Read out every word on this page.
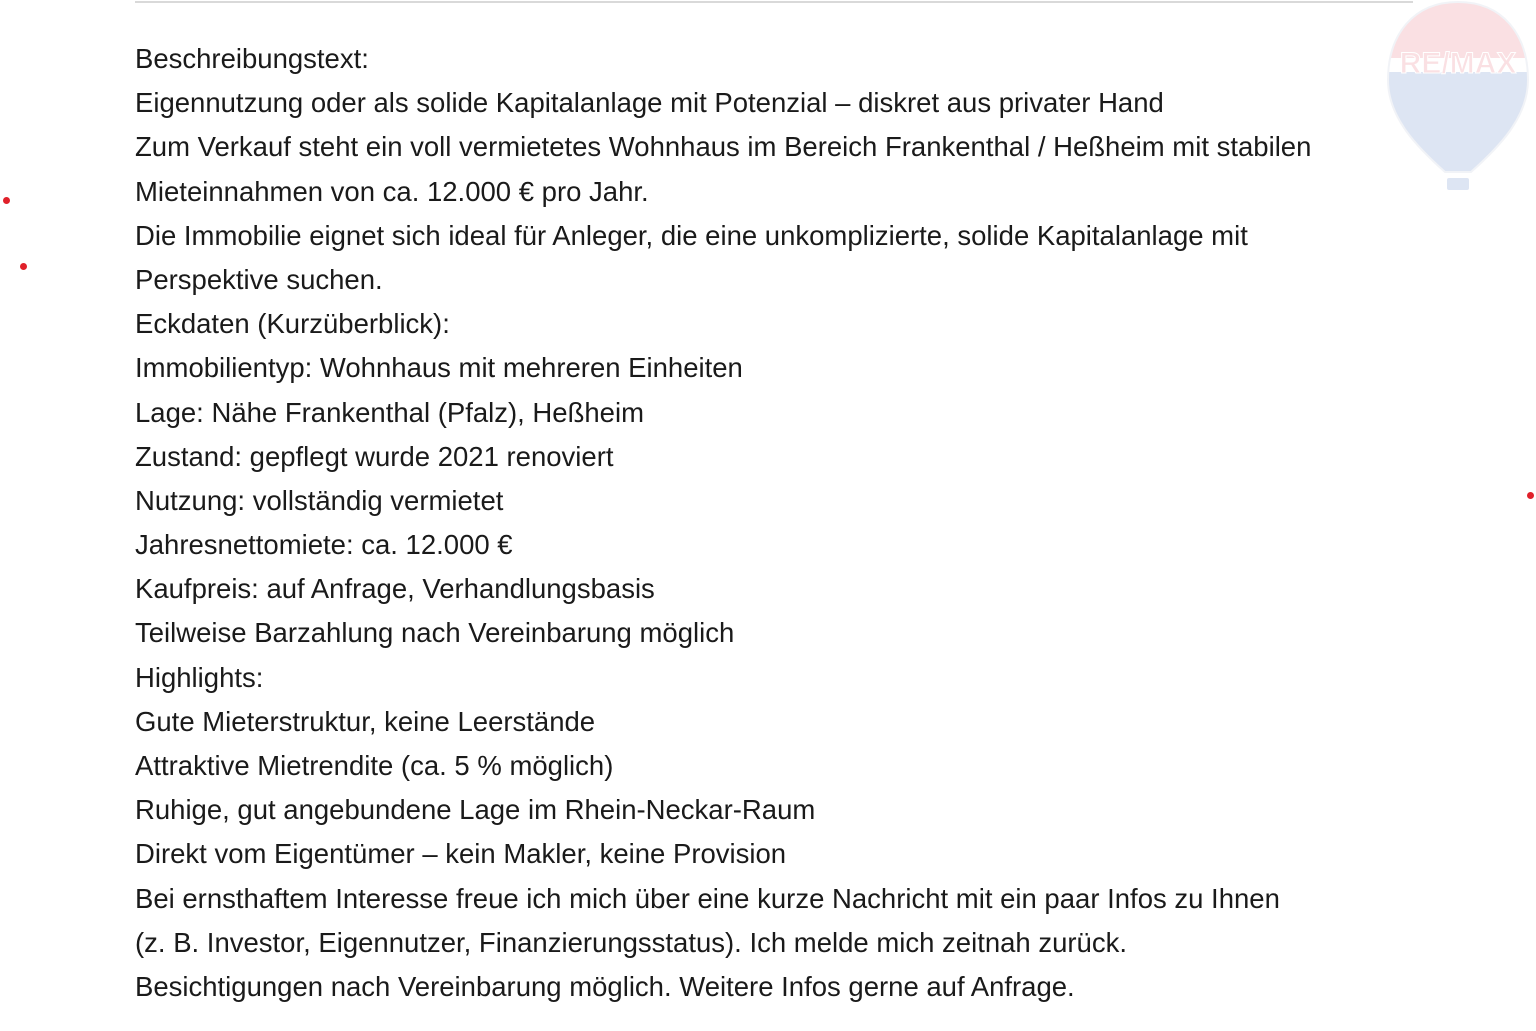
RE/MAX
Beschreibungstext:
Eigennutzung oder als solide Kapitalanlage mit Potenzial – diskret aus privater Hand
Zum Verkauf steht ein voll vermietetes Wohnhaus im Bereich Frankenthal / Heßheim mit stabilen
Mieteinnahmen von ca. 12.000 € pro Jahr.
Die Immobilie eignet sich ideal für Anleger, die eine unkomplizierte, solide Kapitalanlage mit
Perspektive suchen.
Eckdaten (Kurzüberblick):
Immobilientyp: Wohnhaus mit mehreren Einheiten
Lage: Nähe Frankenthal (Pfalz), Heßheim
Zustand: gepflegt wurde 2021 renoviert
Nutzung: vollständig vermietet
Jahresnettomiete: ca. 12.000 €
Kaufpreis: auf Anfrage, Verhandlungsbasis
Teilweise Barzahlung nach Vereinbarung möglich
Highlights:
Gute Mieterstruktur, keine Leerstände
Attraktive Mietrendite (ca. 5 % möglich)
Ruhige, gut angebundene Lage im Rhein-Neckar-Raum
Direkt vom Eigentümer – kein Makler, keine Provision
Bei ernsthaftem Interesse freue ich mich über eine kurze Nachricht mit ein paar Infos zu Ihnen
(z. B. Investor, Eigennutzer, Finanzierungsstatus). Ich melde mich zeitnah zurück.
Besichtigungen nach Vereinbarung möglich. Weitere Infos gerne auf Anfrage.
